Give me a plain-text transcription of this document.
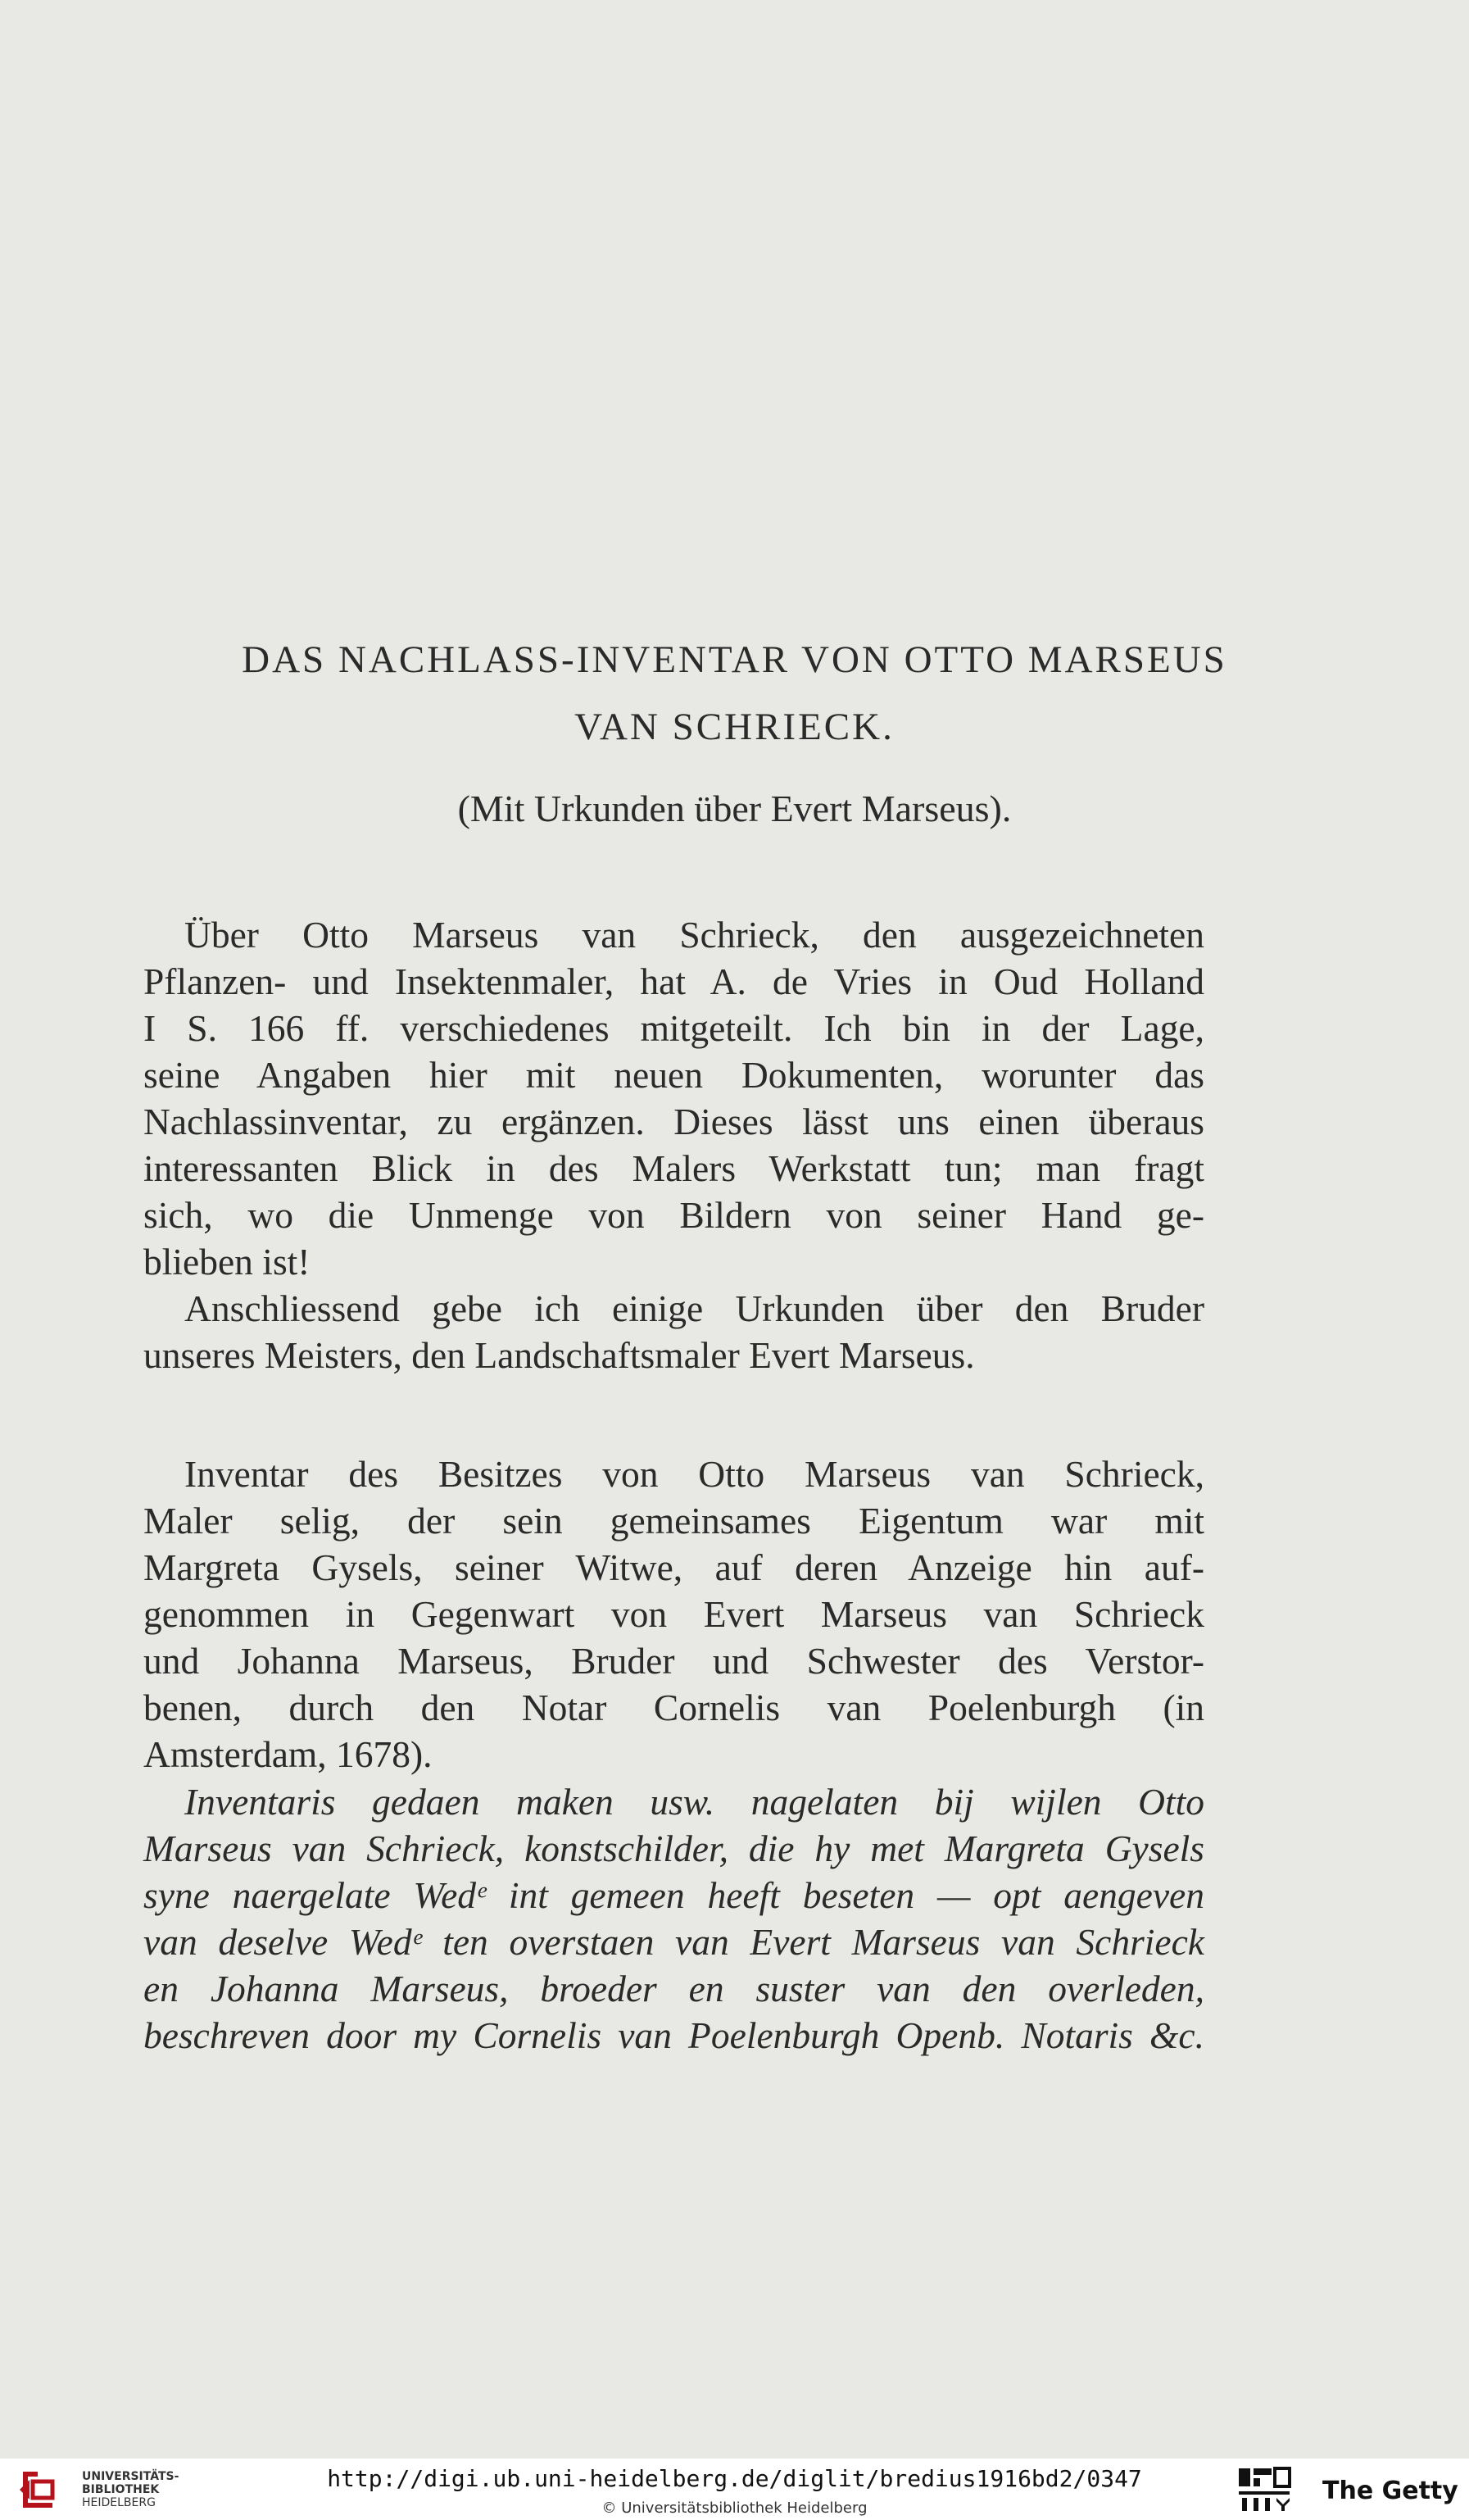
DAS NACHLASS-INVENTAR VON OTTO MARSEUS
VAN SCHRIECK.

(Mit Urkunden über Evert Marseus).

Über Otto Marseus van Schrieck, den ausgezeichneten
Pflanzen- und Insektenmaler, hat A. de Vries in Oud Holland
I S. 166 ff. verschiedenes mitgeteilt. Ich bin in der Lage,
seine Angaben hier mit neuen Dokumenten, worunter das
Nachlassinventar, zu ergänzen. Dieses lässt uns einen überaus
interessanten Blick in des Malers Werkstatt tun; man fragt
sich, wo die Unmenge von Bildern von seiner Hand ge-
blieben ist!
Anschliessend gebe ich einige Urkunden über den Bruder
unseres Meisters, den Landschaftsmaler Evert Marseus.
Inventar des Besitzes von Otto Marseus van Schrieck,
Maler selig, der sein gemeinsames Eigentum war mit
Margreta Gysels, seiner Witwe, auf deren Anzeige hin auf-
genommen in Gegenwart von Evert Marseus van Schrieck
und Johanna Marseus, Bruder und Schwester des Verstor-
benen, durch den Notar Cornelis van Poelenburgh (in
Amsterdam, 1678).
Inventaris gedaen maken usw. nagelaten bij wijlen Otto
Marseus van Schrieck, konstschilder, die hy met Margreta Gysels
syne naergelate Wedᵉ int gemeen heeft beseten — opt aengeven
van deselve Wedᵉ ten overstaen van Evert Marseus van Schrieck
en Johanna Marseus, broeder en suster van den overleden,
beschreven door my Cornelis van Poelenburgh Openb. Notaris &c.
UNIVERSITÄTS-
BIBLIOTHEK
HEIDELBERG
http://digi.ub.uni-heidelberg.de/diglit/bredius1916bd2/0347
© Universitätsbibliothek Heidelberg
The Getty
